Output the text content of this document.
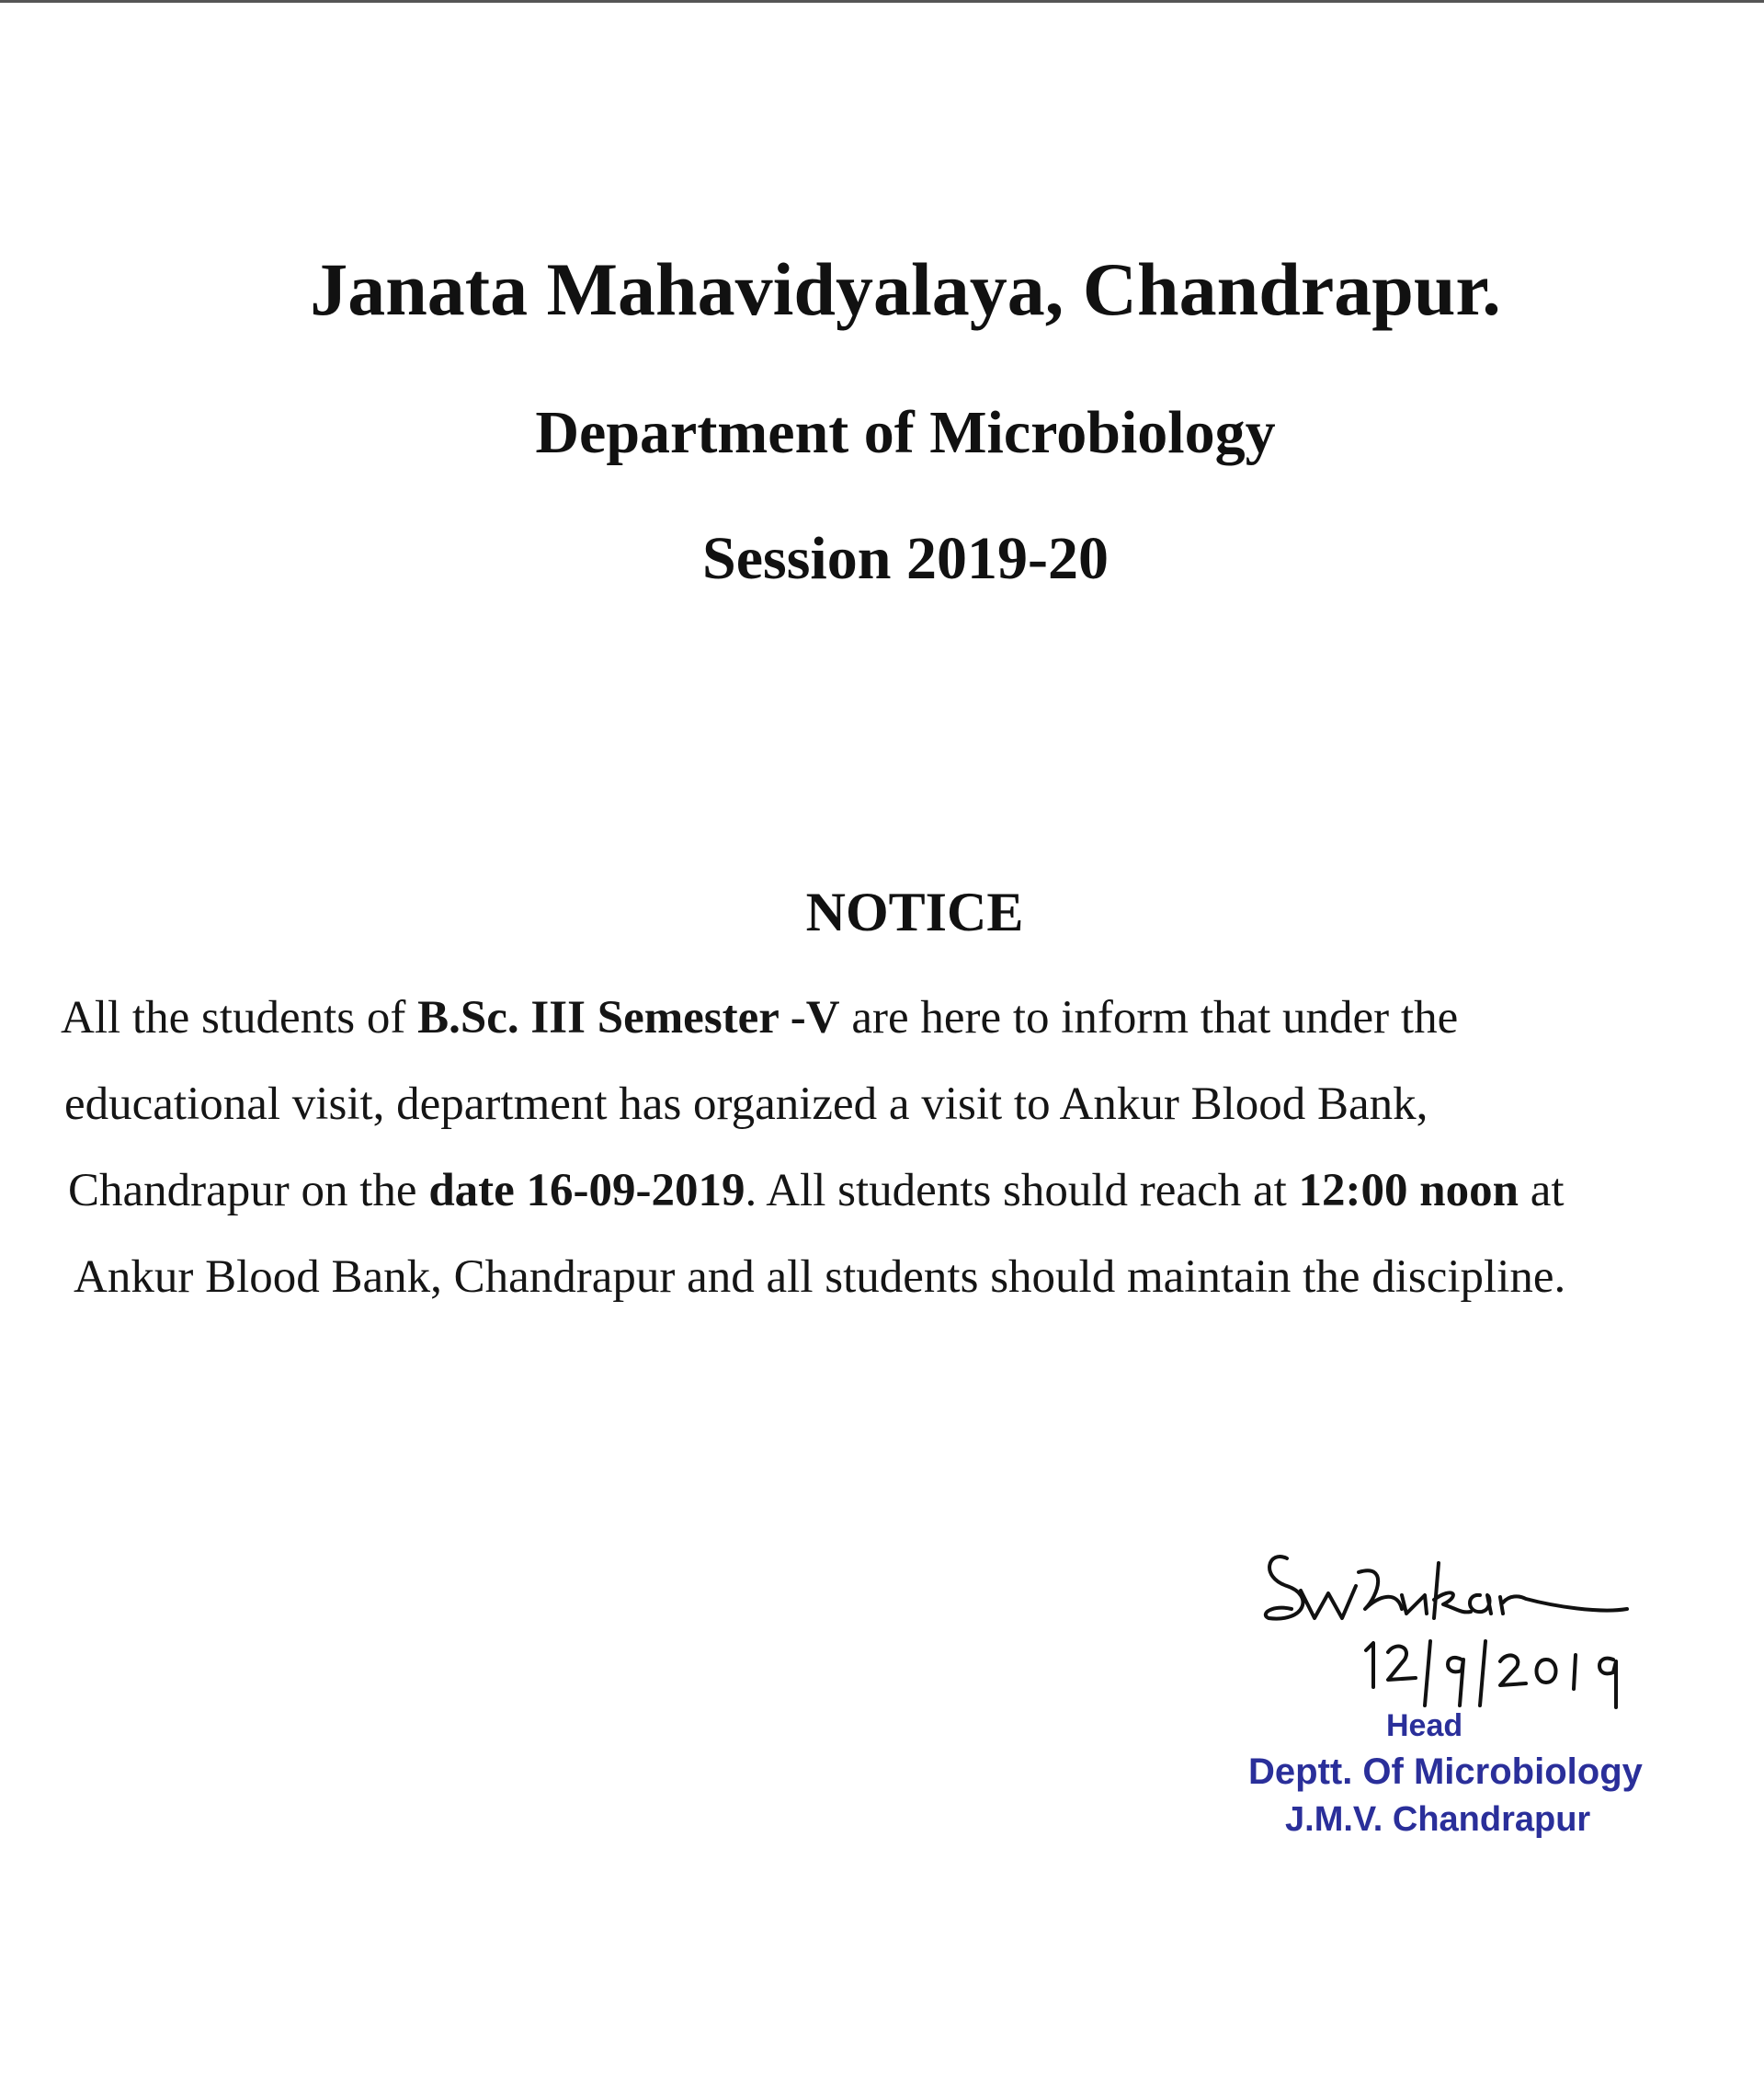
Janata Mahavidyalaya, Chandrapur.
Department of Microbiology
Session 2019-20
NOTICE
All the students of B.Sc. III Semester -V are here to inform that under the
educational visit, department has organized a visit to Ankur Blood Bank,
Chandrapur on the date 16-09-2019. All students should reach at 12:00 noon at
Ankur Blood Bank, Chandrapur and all students should maintain the discipline.
Head
Deptt. Of Microbiology
J.M.V. Chandrapur
